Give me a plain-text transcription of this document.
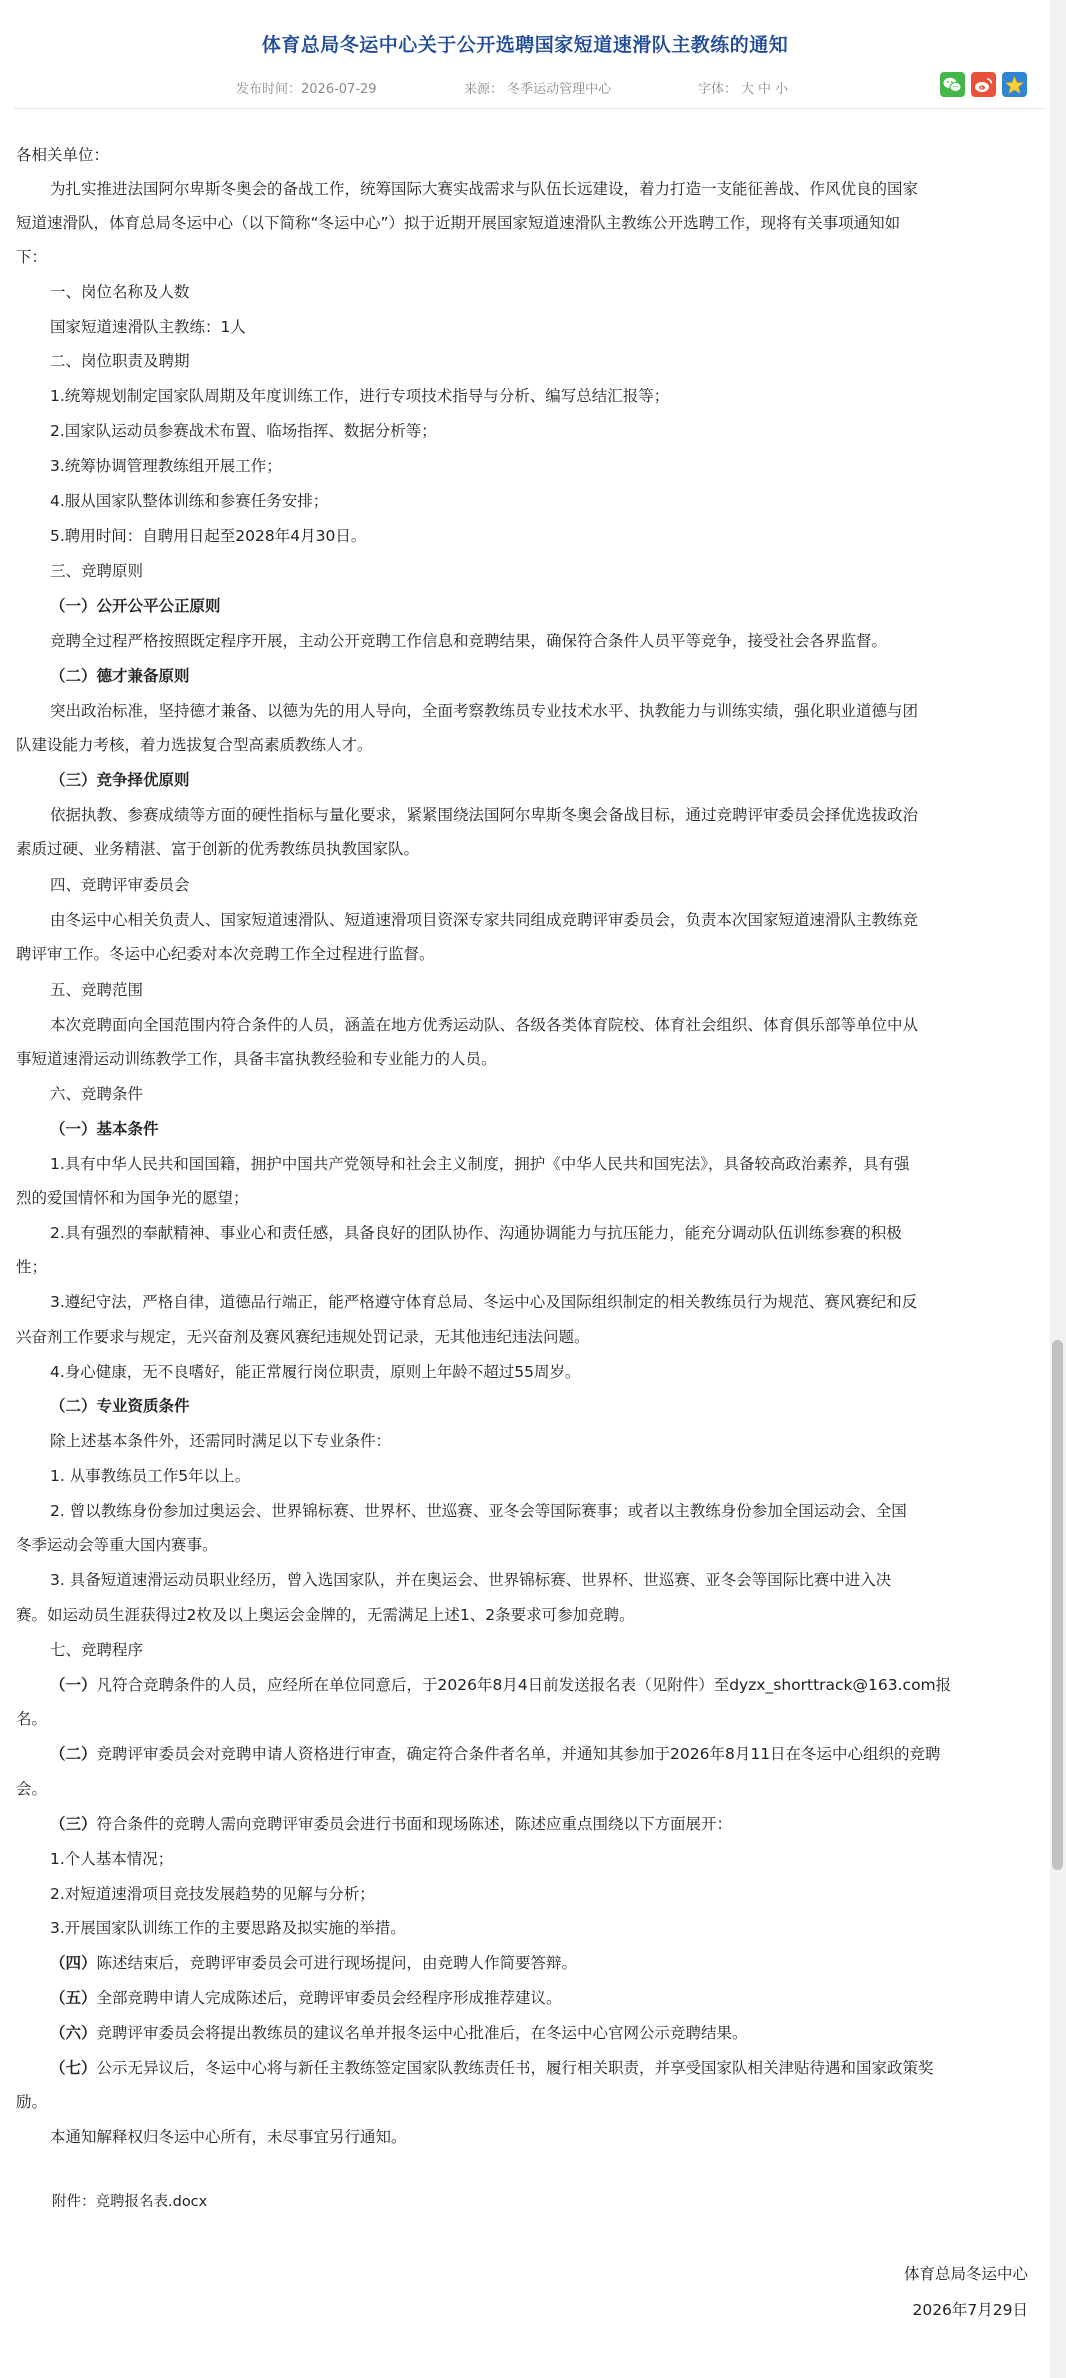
体育总局冬运中心关于公开选聘国家短道速滑队主教练的通知
发布时间：2026-07-29	来源： 冬季运动管理中心	字体： 大 中 小
各相关单位：
为扎实推进法国阿尔卑斯冬奥会的备战工作，统筹国际大赛实战需求与队伍长远建设，着力打造一支能征善战、作风优良的国家
短道速滑队，体育总局冬运中心（以下简称“冬运中心”）拟于近期开展国家短道速滑队主教练公开选聘工作，现将有关事项通知如
下：
一、岗位名称及人数
国家短道速滑队主教练：1人
二、岗位职责及聘期
1.统筹规划制定国家队周期及年度训练工作，进行专项技术指导与分析、编写总结汇报等；
2.国家队运动员参赛战术布置、临场指挥、数据分析等；
3.统筹协调管理教练组开展工作；
4.服从国家队整体训练和参赛任务安排；
5.聘用时间：自聘用日起至2028年4月30日。
三、竞聘原则
（一）公开公平公正原则
竞聘全过程严格按照既定程序开展，主动公开竞聘工作信息和竞聘结果，确保符合条件人员平等竞争，接受社会各界监督。
（二）德才兼备原则
突出政治标准，坚持德才兼备、以德为先的用人导向，全面考察教练员专业技术水平、执教能力与训练实绩，强化职业道德与团
队建设能力考核，着力选拔复合型高素质教练人才。
（三）竞争择优原则
依据执教、参赛成绩等方面的硬性指标与量化要求，紧紧围绕法国阿尔卑斯冬奥会备战目标，通过竞聘评审委员会择优选拔政治
素质过硬、业务精湛、富于创新的优秀教练员执教国家队。
四、竞聘评审委员会
由冬运中心相关负责人、国家短道速滑队、短道速滑项目资深专家共同组成竞聘评审委员会，负责本次国家短道速滑队主教练竞
聘评审工作。冬运中心纪委对本次竞聘工作全过程进行监督。
五、竞聘范围
本次竞聘面向全国范围内符合条件的人员，涵盖在地方优秀运动队、各级各类体育院校、体育社会组织、体育俱乐部等单位中从
事短道速滑运动训练教学工作，具备丰富执教经验和专业能力的人员。
六、竞聘条件
（一）基本条件
1.具有中华人民共和国国籍，拥护中国共产党领导和社会主义制度，拥护《中华人民共和国宪法》，具备较高政治素养，具有强
烈的爱国情怀和为国争光的愿望；
2.具有强烈的奉献精神、事业心和责任感，具备良好的团队协作、沟通协调能力与抗压能力，能充分调动队伍训练参赛的积极
性；
3.遵纪守法，严格自律，道德品行端正，能严格遵守体育总局、冬运中心及国际组织制定的相关教练员行为规范、赛风赛纪和反
兴奋剂工作要求与规定，无兴奋剂及赛风赛纪违规处罚记录，无其他违纪违法问题。
4.身心健康，无不良嗜好，能正常履行岗位职责，原则上年龄不超过55周岁。
（二）专业资质条件
除上述基本条件外，还需同时满足以下专业条件：
1. 从事教练员工作5年以上。
2. 曾以教练身份参加过奥运会、世界锦标赛、世界杯、世巡赛、亚冬会等国际赛事；或者以主教练身份参加全国运动会、全国
冬季运动会等重大国内赛事。
3. 具备短道速滑运动员职业经历，曾入选国家队，并在奥运会、世界锦标赛、世界杯、世巡赛、亚冬会等国际比赛中进入决
赛。如运动员生涯获得过2枚及以上奥运会金牌的，无需满足上述1、2条要求可参加竞聘。
七、竞聘程序
（一）凡符合竞聘条件的人员，应经所在单位同意后，于2026年8月4日前发送报名表（见附件）至dyzx_shorttrack@163.com报
名。
（二）竞聘评审委员会对竞聘申请人资格进行审查，确定符合条件者名单，并通知其参加于2026年8月11日在冬运中心组织的竞聘
会。
（三）符合条件的竞聘人需向竞聘评审委员会进行书面和现场陈述，陈述应重点围绕以下方面展开：
1.个人基本情况；
2.对短道速滑项目竞技发展趋势的见解与分析；
3.开展国家队训练工作的主要思路及拟实施的举措。
（四）陈述结束后，竞聘评审委员会可进行现场提问，由竞聘人作简要答辩。
（五）全部竞聘申请人完成陈述后，竞聘评审委员会经程序形成推荐建议。
（六）竞聘评审委员会将提出教练员的建议名单并报冬运中心批准后，在冬运中心官网公示竞聘结果。
（七）公示无异议后，冬运中心将与新任主教练签定国家队教练责任书，履行相关职责，并享受国家队相关津贴待遇和国家政策奖
励。
本通知解释权归冬运中心所有，未尽事宜另行通知。
附件：竞聘报名表.docx
体育总局冬运中心
2026年7月29日
